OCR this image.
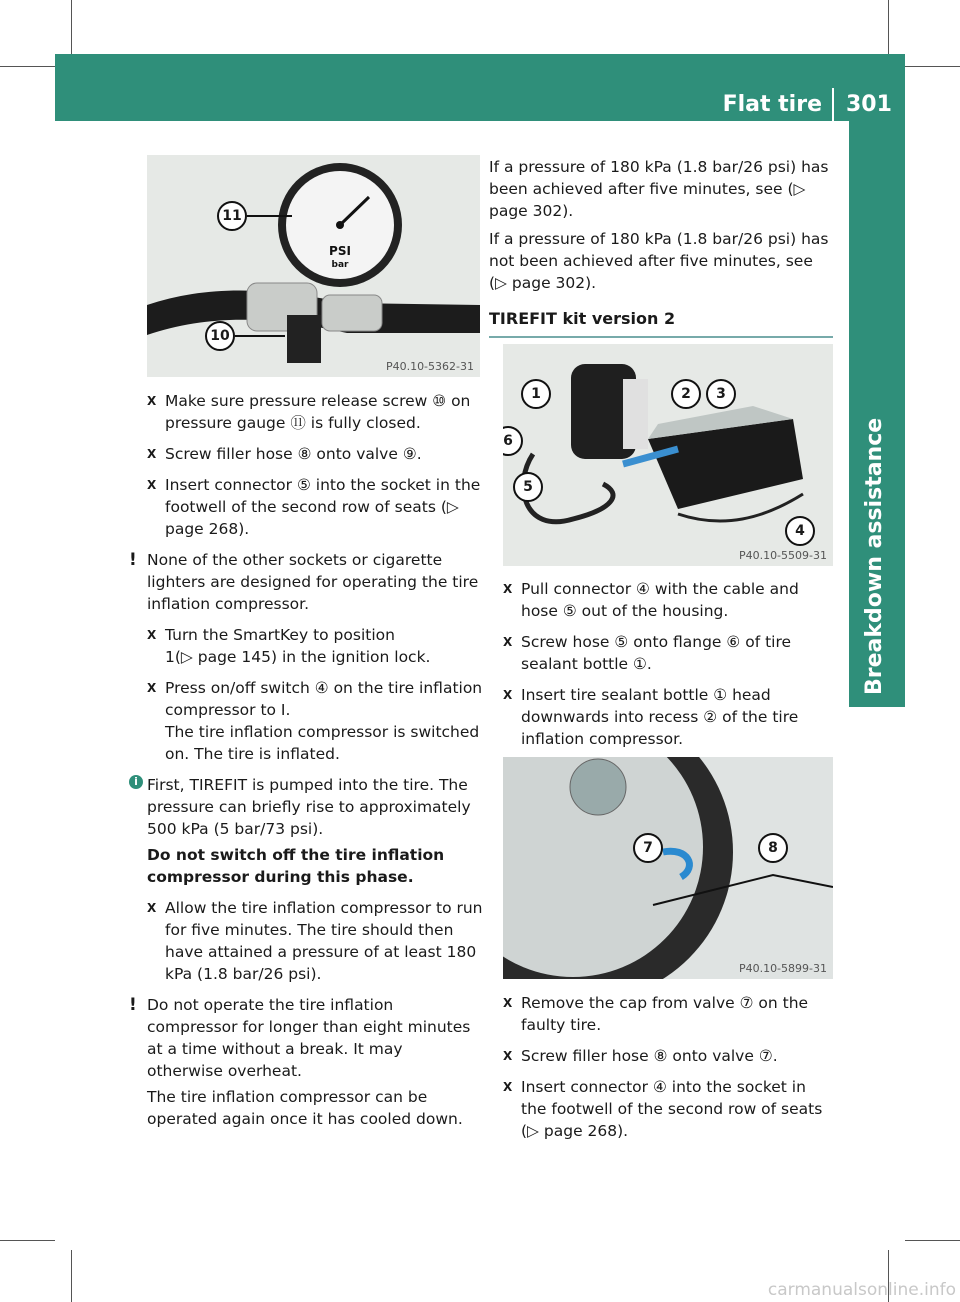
Flat tire 301
Breakdown assistance
PSI
bar
11
10
P40.10-5362-31
1	2	3
6
5
4
P40.10-5509-31
7	8
P40.10-5899-31
X Make sure pressure release screw ⑩ on pressure gauge ⑪ is fully closed.
X Screw filler hose ⑧ onto valve ⑨.
X Insert connector ⑤ into the socket in the footwell of the second row of seats (▷ page 268).
! None of the other sockets or cigarette lighters are designed for operating the tire inflation compressor.
X Turn the SmartKey to position
1(▷ page 145) in the ignition lock.
X Press on/off switch ④ on the tire inflation compressor to I.
The tire inflation compressor is switched on. The tire is inflated.
i First, TIREFIT is pumped into the tire. The pressure can briefly rise to approximately 500 kPa (5 bar/73 psi).
Do not switch off the tire inflation compressor during this phase.
X Allow the tire inflation compressor to run for five minutes. The tire should then have attained a pressure of at least 180 kPa (1.8 bar/26 psi).
! Do not operate the tire inflation compressor for longer than eight minutes at a time without a break. It may otherwise overheat.
The tire inflation compressor can be operated again once it has cooled down.
If a pressure of 180 kPa (1.8 bar/26 psi) has been achieved after five minutes, see (▷ page 302).
If a pressure of 180 kPa (1.8 bar/26 psi) has not been achieved after five minutes, see (▷ page 302).
TIREFIT kit version 2
X Pull connector ④ with the cable and hose ⑤ out of the housing.
X Screw hose ⑤ onto flange ⑥ of tire sealant bottle ①.
X Insert tire sealant bottle ① head downwards into recess ② of the tire inflation compressor.
X Remove the cap from valve ⑦ on the faulty tire.
X Screw filler hose ⑧ onto valve ⑦.
X Insert connector ④ into the socket in the footwell of the second row of seats (▷ page 268).
carmanualsonline.info
